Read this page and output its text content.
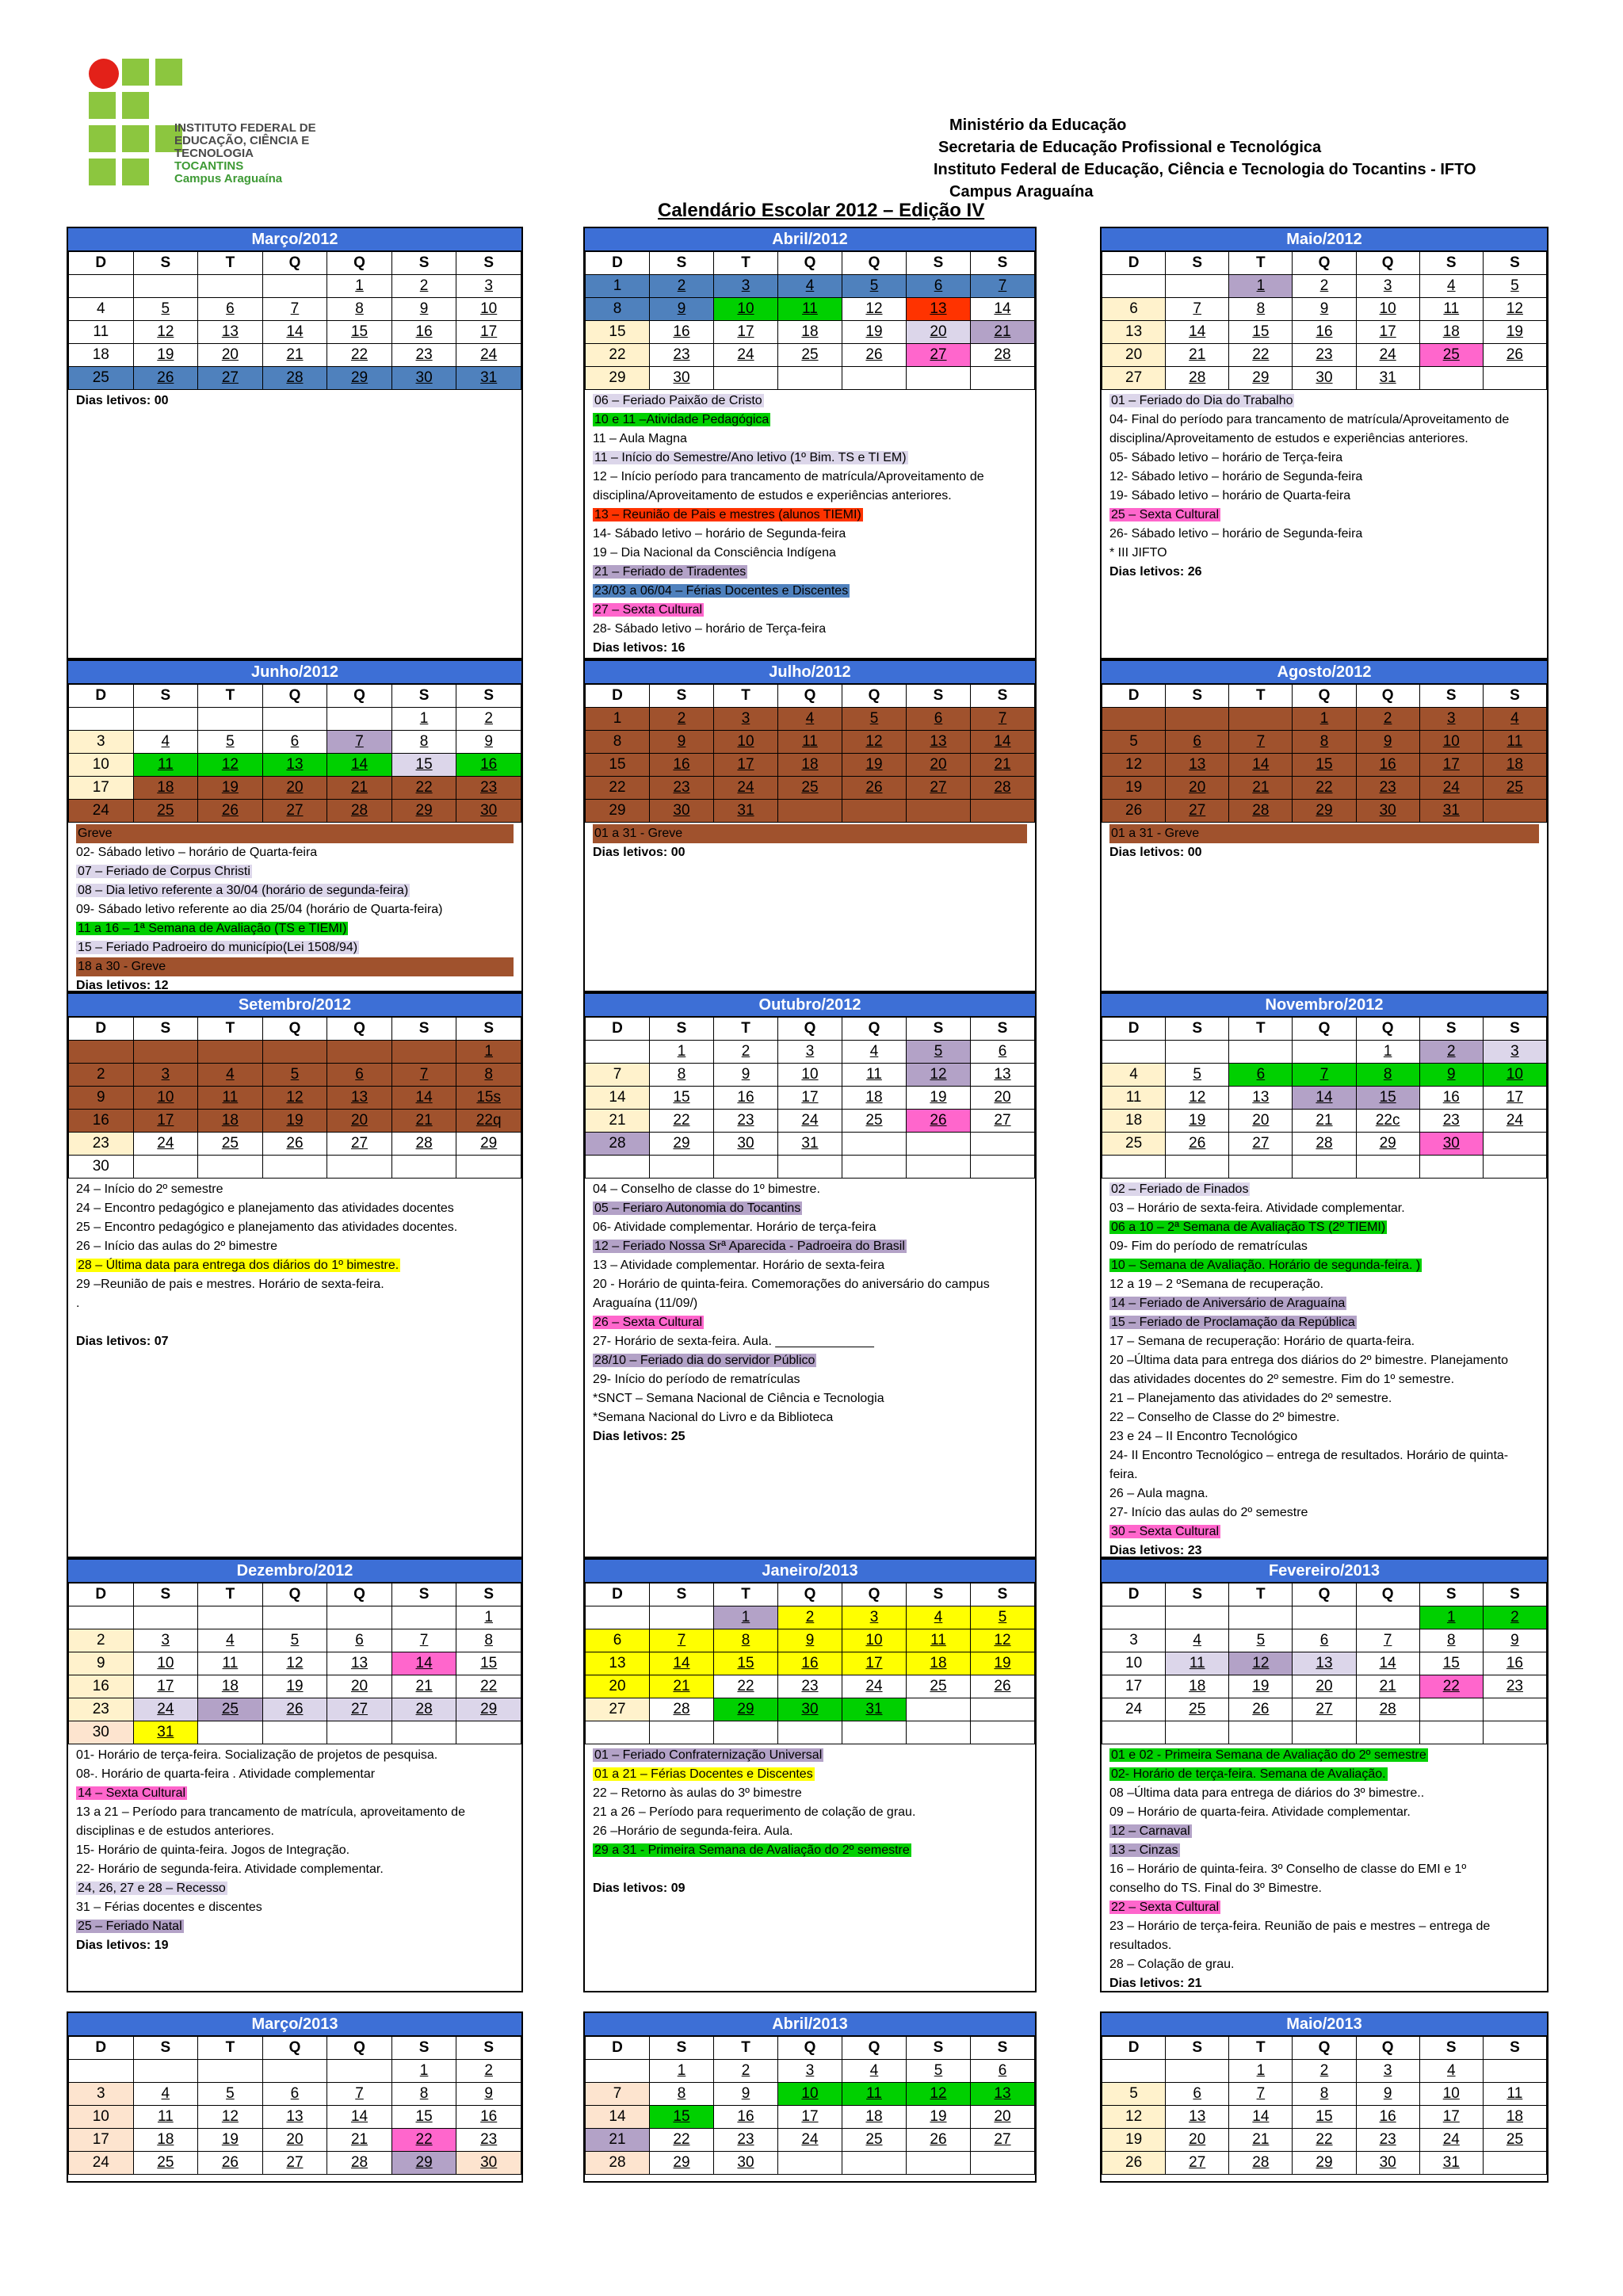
INSTITUTO FEDERAL DE
EDUCAÇÃO, CIÊNCIA E TECNOLOGIA
TOCANTINS
Campus Araguaína
Ministério da Educação
Secretaria de Educação Profissional e Tecnológica
Instituto Federal de Educação, Ciência e Tecnologia do Tocantins - IFTO
Campus Araguaína
Calendário Escolar 2012 – Edição IV
Março/2012
D	S	T	Q	Q	S	S
				1	2	3
4	5	6	7	8	9	10
11	12	13	14	15	16	17
18	19	20	21	22	23	24
25	26	27	28	29	30	31
Dias letivos: 00
Abril/2012
D	S	T	Q	Q	S	S
1	2	3	4	5	6	7
8	9	10	11	12	13	14
15	16	17	18	19	20	21
22	23	24	25	26	27	28
29	30					
06 – Feriado Paixão de Cristo
10 e 11 –Atividade Pedagógica
11 – Aula Magna
11 – Início do Semestre/Ano letivo (1º Bim. TS e TI EM)
12 – Início período para trancamento de matrícula/Aproveitamento de
disciplina/Aproveitamento de estudos e experiências anteriores.
13 – Reunião de Pais e mestres (alunos TIEMI)
14- Sábado letivo – horário de Segunda-feira
19 – Dia Nacional da Consciência Indígena
21 – Feriado de Tiradentes
23/03 a 06/04 – Férias Docentes e Discentes
27 – Sexta Cultural
28- Sábado letivo – horário de Terça-feira
Dias letivos: 16
Maio/2012
D	S	T	Q	Q	S	S
		1	2	3	4	5
6	7	8	9	10	11	12
13	14	15	16	17	18	19
20	21	22	23	24	25	26
27	28	29	30	31		
01 – Feriado do Dia do Trabalho
04- Final do período para trancamento de matrícula/Aproveitamento de
disciplina/Aproveitamento de estudos e experiências anteriores.
05- Sábado letivo – horário de Terça-feira
12- Sábado letivo – horário de Segunda-feira
19- Sábado letivo – horário de Quarta-feira
25 – Sexta Cultural
26- Sábado letivo – horário de Segunda-feira
* III JIFTO
Dias letivos: 26
Junho/2012
D	S	T	Q	Q	S	S
					1	2
3	4	5	6	7	8	9
10	11	12	13	14	15	16
17	18	19	20	21	22	23
24	25	26	27	28	29	30
Greve
02- Sábado letivo – horário de Quarta-feira
07 – Feriado de Corpus Christi
08 – Dia letivo referente a 30/04 (horário de segunda-feira)
09- Sábado letivo referente ao dia 25/04 (horário de Quarta-feira)
11 a 16 – 1ª Semana de Avaliação (TS e TIEMI)
15 – Feriado Padroeiro do município(Lei 1508/94)
18 a 30 - Greve
Dias letivos: 12
Julho/2012
D	S	T	Q	Q	S	S
1	2	3	4	5	6	7
8	9	10	11	12	13	14
15	16	17	18	19	20	21
22	23	24	25	26	27	28
29	30	31				
01 a 31 - Greve
Dias letivos: 00
Agosto/2012
D	S	T	Q	Q	S	S
			1	2	3	4
5	6	7	8	9	10	11
12	13	14	15	16	17	18
19	20	21	22	23	24	25
26	27	28	29	30	31	
01 a 31 - Greve
Dias letivos: 00
Setembro/2012
D	S	T	Q	Q	S	S
						1
2	3	4	5	6	7	8
9	10	11	12	13	14	15s
16	17	18	19	20	21	22q
23	24	25	26	27	28	29
30						
24 – Início do 2º semestre
24 – Encontro pedagógico e planejamento das atividades docentes
25 – Encontro pedagógico e planejamento das atividades docentes.
26 – Início das aulas do 2º bimestre
28 – Última data para entrega dos diários do 1º bimestre.
29 –Reunião de pais e mestres. Horário de sexta-feira.
.

Dias letivos: 07
Outubro/2012
D	S	T	Q	Q	S	S
	1	2	3	4	5	6
7	8	9	10	11	12	13
14	15	16	17	18	19	20
21	22	23	24	25	26	27
28	29	30	31			

04 – Conselho de classe do 1º bimestre.
05 – Feriaro Autonomia do Tocantins
06- Atividade complementar. Horário de terça-feira
12 – Feriado Nossa Srª Aparecida - Padroeira do Brasil
13 – Atividade complementar. Horário de sexta-feira
20 - Horário de quinta-feira. Comemorações do aniversário do campus
Araguaína (11/09/)
26 – Sexta Cultural
27- Horário de sexta-feira. Aula. ______________
28/10 – Feriado dia do servidor Público
29- Início do período de rematrículas
*SNCT – Semana Nacional de Ciência e Tecnologia
*Semana Nacional do Livro e da Biblioteca
Dias letivos: 25
Novembro/2012
D	S	T	Q	Q	S	S
				1	2	3
4	5	6	7	8	9	10
11	12	13	14	15	16	17
18	19	20	21	22c	23	24
25	26	27	28	29	30	

02 – Feriado de Finados
03 – Horário de sexta-feira. Atividade complementar.
06 a 10 – 2ª Semana de Avaliação TS (2º TIEMI)
09- Fim do período de rematrículas
10 – Semana de Avaliação. Horário de segunda-feira. )
12 a 19 – 2 ºSemana de recuperação.
14 – Feriado de Aniversário de Araguaína
15 – Feriado de Proclamação da República
17 – Semana de recuperação: Horário de quarta-feira.
20 –Última data para entrega dos diários do 2º bimestre. Planejamento
das atividades docentes do 2º semestre. Fim do 1º semestre.
21 – Planejamento das atividades do 2º semestre.
22 – Conselho de Classe do 2º bimestre.
23 e 24 – II Encontro Tecnológico
24- II Encontro Tecnológico – entrega de resultados. Horário de quinta-
feira.
26 – Aula magna.
27- Início das aulas do 2º semestre
30 – Sexta Cultural
Dias letivos: 23
Dezembro/2012
D	S	T	Q	Q	S	S
						1
2	3	4	5	6	7	8
9	10	11	12	13	14	15
16	17	18	19	20	21	22
23	24	25	26	27	28	29
30	31					
01- Horário de terça-feira. Socialização de projetos de pesquisa.
08-. Horário de quarta-feira . Atividade complementar
14 – Sexta Cultural
13 a 21 – Período para trancamento de matrícula, aproveitamento de
disciplinas e de estudos anteriores.
15- Horário de quinta-feira. Jogos de Integração.
22- Horário de segunda-feira. Atividade complementar.
24, 26, 27 e 28 – Recesso
31 – Férias docentes e discentes
25 – Feriado Natal
Dias letivos: 19
Janeiro/2013
D	S	T	Q	Q	S	S
		1	2	3	4	5
6	7	8	9	10	11	12
13	14	15	16	17	18	19
20	21	22	23	24	25	26
27	28	29	30	31		

01 – Feriado Confraternização Universal
01 a 21 – Férias Docentes e Discentes
22 – Retorno às aulas do 3º bimestre
21 a 26 – Período para requerimento de colação de grau.
26 –Horário de segunda-feira. Aula.
29 a 31 - Primeira Semana de Avaliação do 2º semestre

Dias letivos: 09
Fevereiro/2013
D	S	T	Q	Q	S	S
					1	2
3	4	5	6	7	8	9
10	11	12	13	14	15	16
17	18	19	20	21	22	23
24	25	26	27	28		

01 e 02 - Primeira Semana de Avaliação do 2º semestre
02- Horário de terça-feira. Semana de Avaliação.
08 –Última data para entrega de diários do 3º bimestre..
09 – Horário de quarta-feira. Atividade complementar.
12 – Carnaval
13 – Cinzas
16 – Horário de quinta-feira. 3º Conselho de classe do EMI e 1º
conselho do TS. Final do 3º Bimestre.
22 – Sexta Cultural
23 – Horário de terça-feira. Reunião de pais e mestres – entrega de
resultados.
28 – Colação de grau.
Dias letivos: 21
Março/2013
D	S	T	Q	Q	S	S
					1	2
3	4	5	6	7	8	9
10	11	12	13	14	15	16
17	18	19	20	21	22	23
24	25	26	27	28	29	30
Abril/2013
D	S	T	Q	Q	S	S
	1	2	3	4	5	6
7	8	9	10	11	12	13
14	15	16	17	18	19	20
21	22	23	24	25	26	27
28	29	30				
Maio/2013
D	S	T	Q	Q	S	S
		1	2	3	4	
5	6	7	8	9	10	11
12	13	14	15	16	17	18
19	20	21	22	23	24	25
26	27	28	29	30	31	
